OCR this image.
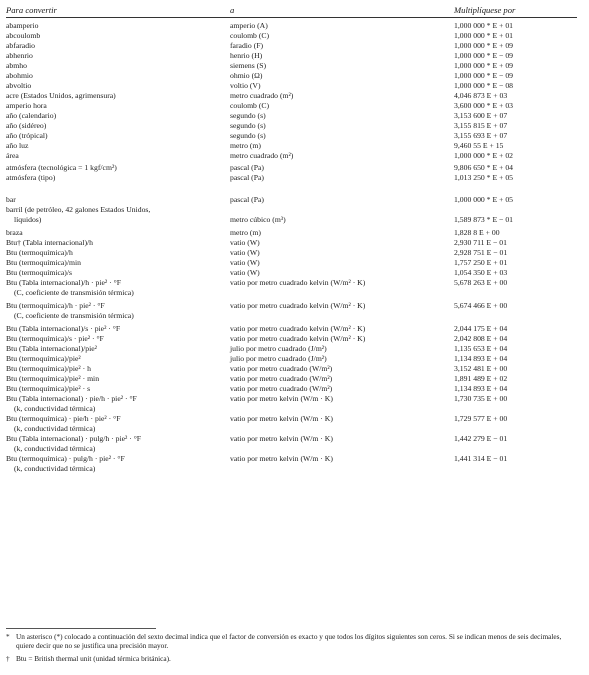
Para convertir	a	Multiplíquese por
abamperio	amperio (A)	1,000 000 * E + 01
abcoulomb	coulomb (C)	1,000 000 * E + 01
abfaradio	faradio (F)	1,000 000 * E + 09
abhenrio	henrio (H)	1,000 000 * E − 09
abmho	siemens (S)	1,000 000 * E + 09
abohmio	ohmio (Ω)	1,000 000 * E − 09
abvoltio	voltio (V)	1,000 000 * E − 08
acre (Estados Unidos, agrimensura)	metro cuadrado (m²)	4,046 873 E + 03
amperio hora	coulomb (C)	3,600 000 * E + 03
año (calendario)	segundo (s)	3,153 600 E + 07
año (sidéreo)	segundo (s)	3,155 815 E + 07
año (trópical)	segundo (s)	3,155 693 E + 07
año luz	metro (m)	9,460 55 E + 15
área	metro cuadrado (m²)	1,000 000 * E + 02
atmósfera (tecnológica = 1 kgf/cm²)	pascal (Pa)	9,806 650 * E + 04
atmósfera (tipo)	pascal (Pa)	1,013 250 * E + 05
bar	pascal (Pa)	1,000 000 * E + 05
barril (de petróleo, 42 galones Estados Unidos,
líquidos)	metro cúbico (m³)	1,589 873 * E − 01
braza	metro (m)	1,828 8 E + 00
Btu† (Tabla internacional)/h	vatio (W)	2,930 711 E − 01
Btu (termoquímica)/h	vatio (W)	2,928 751 E − 01
Btu (termoquímica)/min	vatio (W)	1,757 250 E + 01
Btu (termoquímica)/s	vatio (W)	1,054 350 E + 03
Btu (Tabla internacional)/h · pie² · °F	vatio por metro cuadrado kelvin (W/m² · K)	5,678 263 E + 00
(C, coeficiente de transmisión térmica)
Btu (termoquímica)/h · pie² · °F	vatio por metro cuadrado kelvin (W/m² · K)	5,674 466 E + 00
(C, coeficiente de transmisión térmica)
Btu (Tabla internacional)/s · pie² · °F	vatio por metro cuadrado kelvin (W/m² · K)	2,044 175 E + 04
Btu (termoquímica)/s · pie² · °F	vatio por metro cuadrado kelvin (W/m² · K)	2,042 808 E + 04
Btu (Tabla internacional)/pie²	julio por metro cuadrado (J/m²)	1,135 653 E + 04
Btu (termoquímica)/pie²	julio por metro cuadrado (J/m²)	1,134 893 E + 04
Btu (termoquímica)/pie² · h	vatio por metro cuadrado (W/m²)	3,152 481 E + 00
Btu (termoquímica)/pie² · min	vatio por metro cuadrado (W/m²)	1,891 489 E + 02
Btu (termoquímica)/pie² · s	vatio por metro cuadrado (W/m²)	1,134 893 E + 04
Btu (Tabla internacional) · pie/h · pie² · °F	vatio por metro kelvin (W/m · K)	1,730 735 E + 00
(k, conductividad térmica)
Btu (termoquímica) · pie/h · pie² · °F	vatio por metro kelvin (W/m · K)	1,729 577 E + 00
(k, conductividad térmica)
Btu (Tabla internacional) · pulg/h · pie² · °F	vatio por metro kelvin (W/m · K)	1,442 279 E − 01
(k, conductividad térmica)
Btu (termoquímica) · pulg/h · pie² · °F	vatio por metro kelvin (W/m · K)	1,441 314 E − 01
(k, conductividad térmica)
* Un asterisco (*) colocado a continuación del sexto decimal indica que el factor de conversión es exacto y que todos los dígitos siguientes son ceros. Si se indican menos de seis decimales, quiere decir que no se justifica una precisión mayor.
† Btu = British thermal unit (unidad térmica británica).
